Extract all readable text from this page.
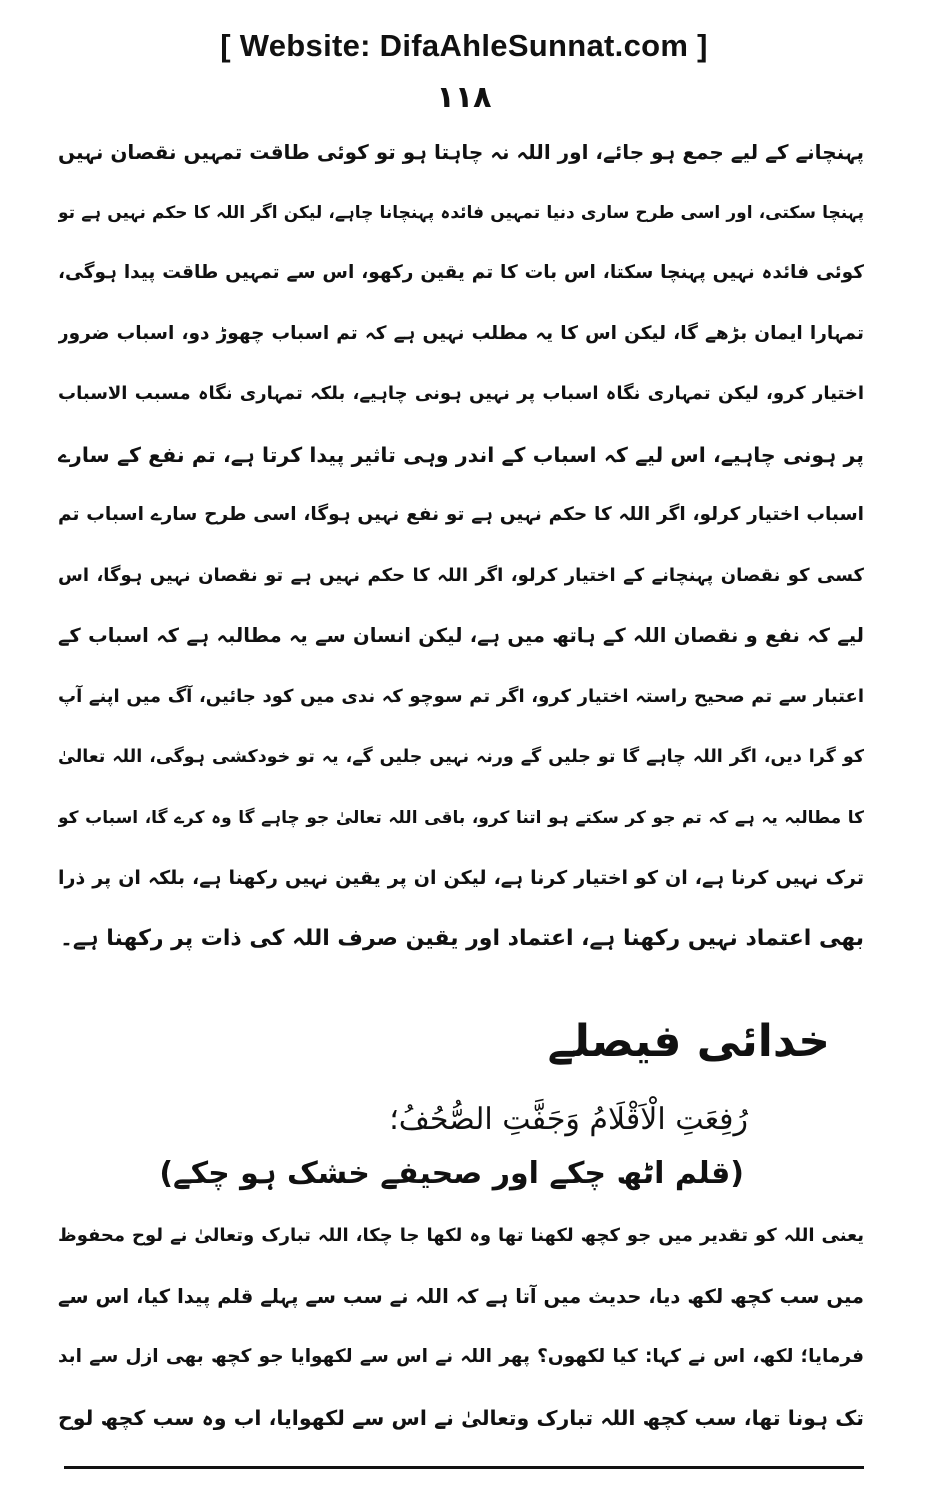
[ Website: DifaAhleSunnat.com ]
١١٨
پہنچانے کے لیے جمع ہو جائے، اور اللہ نہ چاہتا ہو تو کوئی طاقت تمہیں نقصان نہیں
پہنچا سکتی، اور اسی طرح ساری دنیا تمہیں فائدہ پہنچانا چاہے، لیکن اگر اللہ کا حکم نہیں ہے تو
کوئی فائدہ نہیں پہنچا سکتا، اس بات کا تم یقین رکھو، اس سے تمہیں طاقت پیدا ہوگی،
تمہارا ایمان بڑھے گا، لیکن اس کا یہ مطلب نہیں ہے کہ تم اسباب چھوڑ دو، اسباب ضرور
اختیار کرو، لیکن تمہاری نگاہ اسباب پر نہیں ہونی چاہیے، بلکہ تمہاری نگاہ مسبب الاسباب
پر ہونی چاہیے، اس لیے کہ اسباب کے اندر وہی تاثیر پیدا کرتا ہے، تم نفع کے سارے
اسباب اختیار کرلو، اگر اللہ کا حکم نہیں ہے تو نفع نہیں ہوگا، اسی طرح سارے اسباب تم
کسی کو نقصان پہنچانے کے اختیار کرلو، اگر اللہ کا حکم نہیں ہے تو نقصان نہیں ہوگا، اس
لیے کہ نفع و نقصان اللہ کے ہاتھ میں ہے، لیکن انسان سے یہ مطالبہ ہے کہ اسباب کے
اعتبار سے تم صحیح راستہ اختیار کرو، اگر تم سوچو کہ ندی میں کود جائیں، آگ میں اپنے آپ
کو گرا دیں، اگر اللہ چاہے گا تو جلیں گے ورنہ نہیں جلیں گے، یہ تو خودکشی ہوگی، اللہ تعالیٰ
کا مطالبہ یہ ہے کہ تم جو کر سکتے ہو اتنا کرو، باقی اللہ تعالیٰ جو چاہے گا وہ کرے گا، اسباب کو
ترک نہیں کرنا ہے، ان کو اختیار کرنا ہے، لیکن ان پر یقین نہیں رکھنا ہے، بلکہ ان پر ذرا
بھی اعتماد نہیں رکھنا ہے، اعتماد اور یقین صرف اللہ کی ذات پر رکھنا ہے۔
خدائی فیصلے
رُفِعَتِ الْاَقْلَامُ وَجَفَّتِ الصُّحُفُ؛
(قلم اٹھ چکے اور صحیفے خشک ہو چکے)
یعنی اللہ کو تقدیر میں جو کچھ لکھنا تھا وہ لکھا جا چکا، اللہ تبارک وتعالیٰ نے لوح محفوظ
میں سب کچھ لکھ دیا، حدیث میں آتا ہے کہ اللہ نے سب سے پہلے قلم پیدا کیا، اس سے
فرمایا؛ لکھ، اس نے کہا: کیا لکھوں؟ پھر اللہ نے اس سے لکھوایا جو کچھ بھی ازل سے ابد
تک ہونا تھا، سب کچھ اللہ تبارک وتعالیٰ نے اس سے لکھوایا، اب وہ سب کچھ لوح
